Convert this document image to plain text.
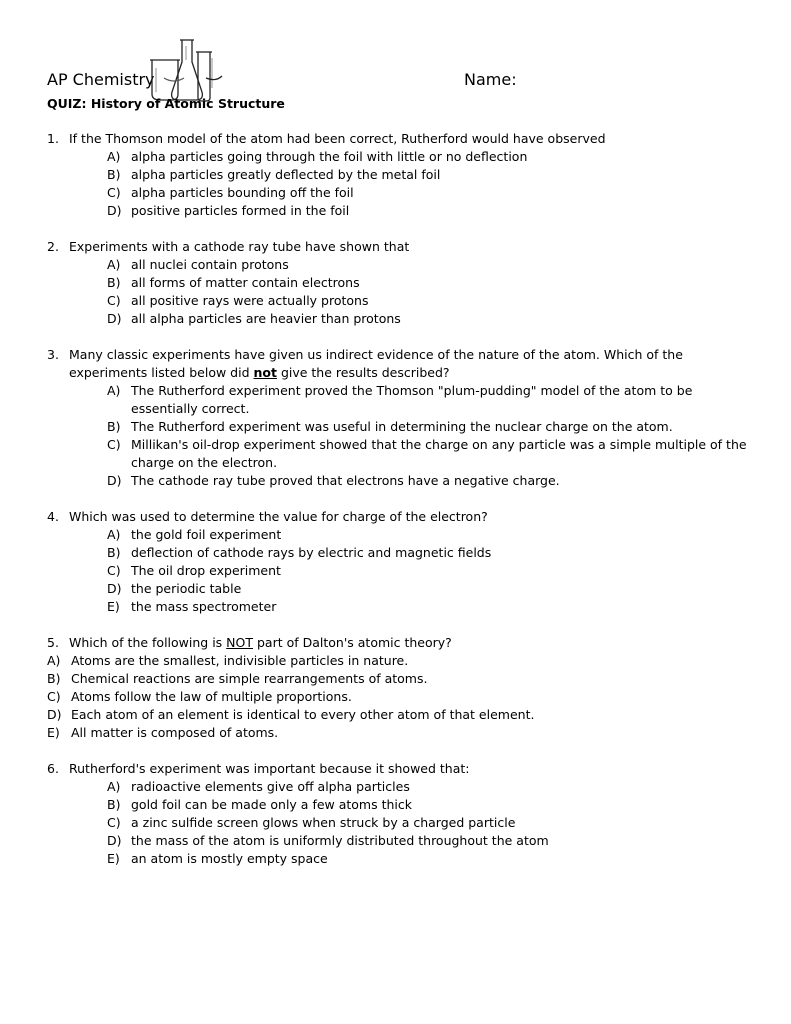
AP Chemistry	Name:
QUIZ: History of Atomic Structure
1. If the Thomson model of the atom had been correct, Rutherford would have observed
A) alpha particles going through the foil with little or no deflection
B) alpha particles greatly deflected by the metal foil
C) alpha particles bounding off the foil
D) positive particles formed in the foil
2. Experiments with a cathode ray tube have shown that
A) all nuclei contain protons
B) all forms of matter contain electrons
C) all positive rays were actually protons
D) all alpha particles are heavier than protons
3. Many classic experiments have given us indirect evidence of the nature of the atom. Which of the experiments listed below did not give the results described?
A) The Rutherford experiment proved the Thomson "plum-pudding" model of the atom to be essentially correct.
B) The Rutherford experiment was useful in determining the nuclear charge on the atom.
C) Millikan's oil-drop experiment showed that the charge on any particle was a simple multiple of the charge on the electron.
D) The cathode ray tube proved that electrons have a negative charge.
4. Which was used to determine the value for charge of the electron?
A) the gold foil experiment
B) deflection of cathode rays by electric and magnetic fields
C) The oil drop experiment
D) the periodic table
E) the mass spectrometer
5. Which of the following is NOT part of Dalton's atomic theory?
A) Atoms are the smallest, indivisible particles in nature.
B) Chemical reactions are simple rearrangements of atoms.
C) Atoms follow the law of multiple proportions.
D) Each atom of an element is identical to every other atom of that element.
E) All matter is composed of atoms.
6. Rutherford's experiment was important because it showed that:
A) radioactive elements give off alpha particles
B) gold foil can be made only a few atoms thick
C) a zinc sulfide screen glows when struck by a charged particle
D) the mass of the atom is uniformly distributed throughout the atom
E) an atom is mostly empty space
